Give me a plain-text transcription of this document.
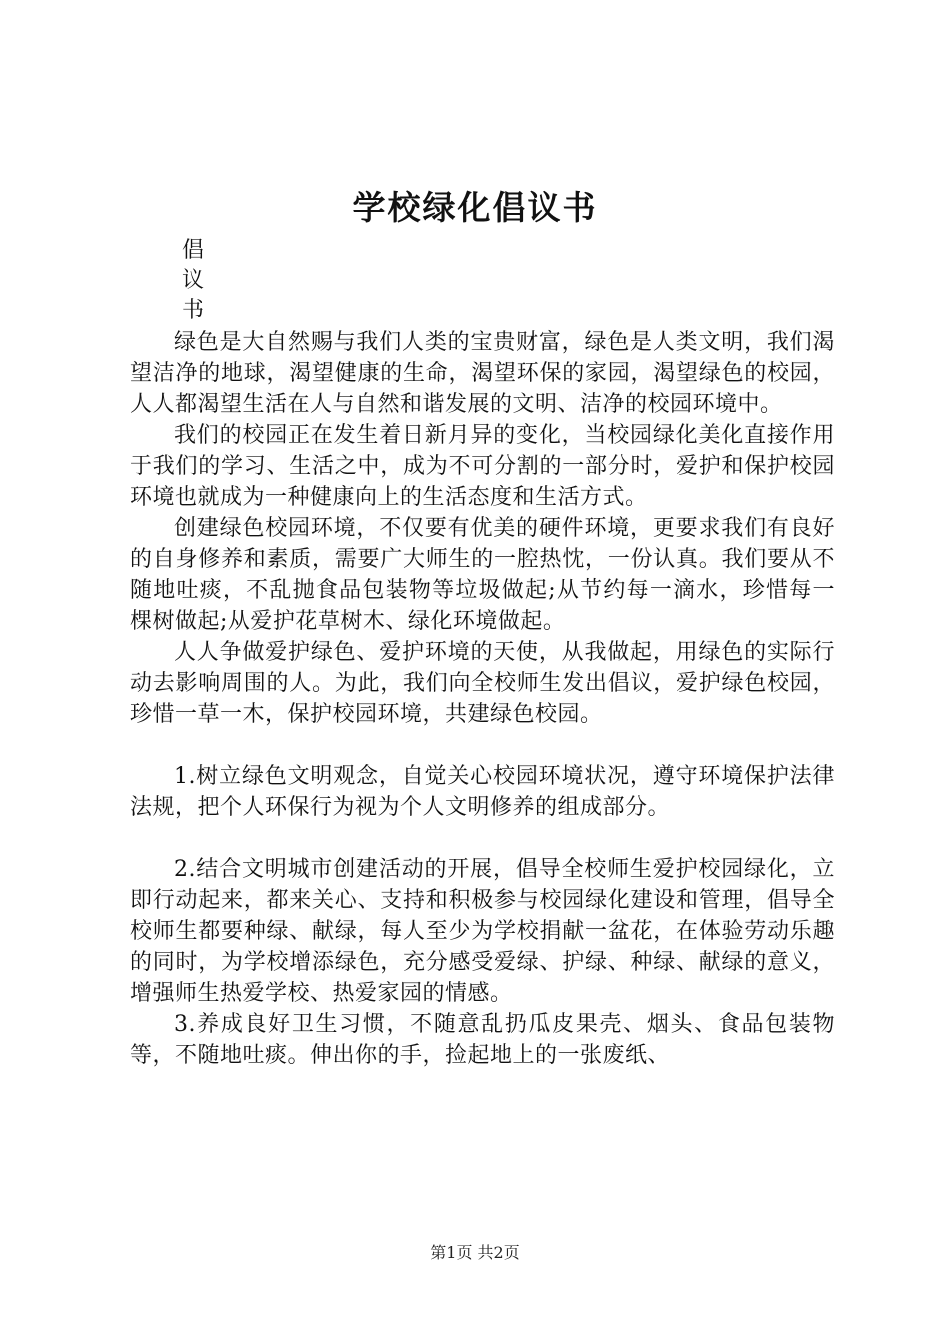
学校绿化倡议书
倡
议
书

绿色是大自然赐与我们人类的宝贵财富，绿色是人类文明，我们渴望洁净的地球，渴望健康的生命，渴望环保的家园，渴望绿色的校园，人人都渴望生活在人与自然和谐发展的文明、洁净的校园环境中。

我们的校园正在发生着日新月异的变化，当校园绿化美化直接作用于我们的学习、生活之中，成为不可分割的一部分时，爱护和保护校园环境也就成为一种健康向上的生活态度和生活方式。

创建绿色校园环境，不仅要有优美的硬件环境，更要求我们有良好的自身修养和素质，需要广大师生的一腔热忱，一份认真。我们要从不随地吐痰，不乱抛食品包装物等垃圾做起;从节约每一滴水，珍惜每一棵树做起;从爱护花草树木、绿化环境做起。

人人争做爱护绿色、爱护环境的天使，从我做起，用绿色的实际行动去影响周围的人。为此，我们向全校师生发出倡议，爱护绿色校园，珍惜一草一木，保护校园环境，共建绿色校园。

1.树立绿色文明观念，自觉关心校园环境状况，遵守环境保护法律法规，把个人环保行为视为个人文明修养的组成部分。

2.结合文明城市创建活动的开展，倡导全校师生爱护校园绿化，立即行动起来，都来关心、支持和积极参与校园绿化建设和管理，倡导全校师生都要种绿、献绿，每人至少为学校捐献一盆花，在体验劳动乐趣的同时，为学校增添绿色，充分感受爱绿、护绿、种绿、献绿的意义，增强师生热爱学校、热爱家园的情感。

3.养成良好卫生习惯，不随意乱扔瓜皮果壳、烟头、食品包装物等，不随地吐痰。伸出你的手，捡起地上的一张废纸、

第1页 共2页
